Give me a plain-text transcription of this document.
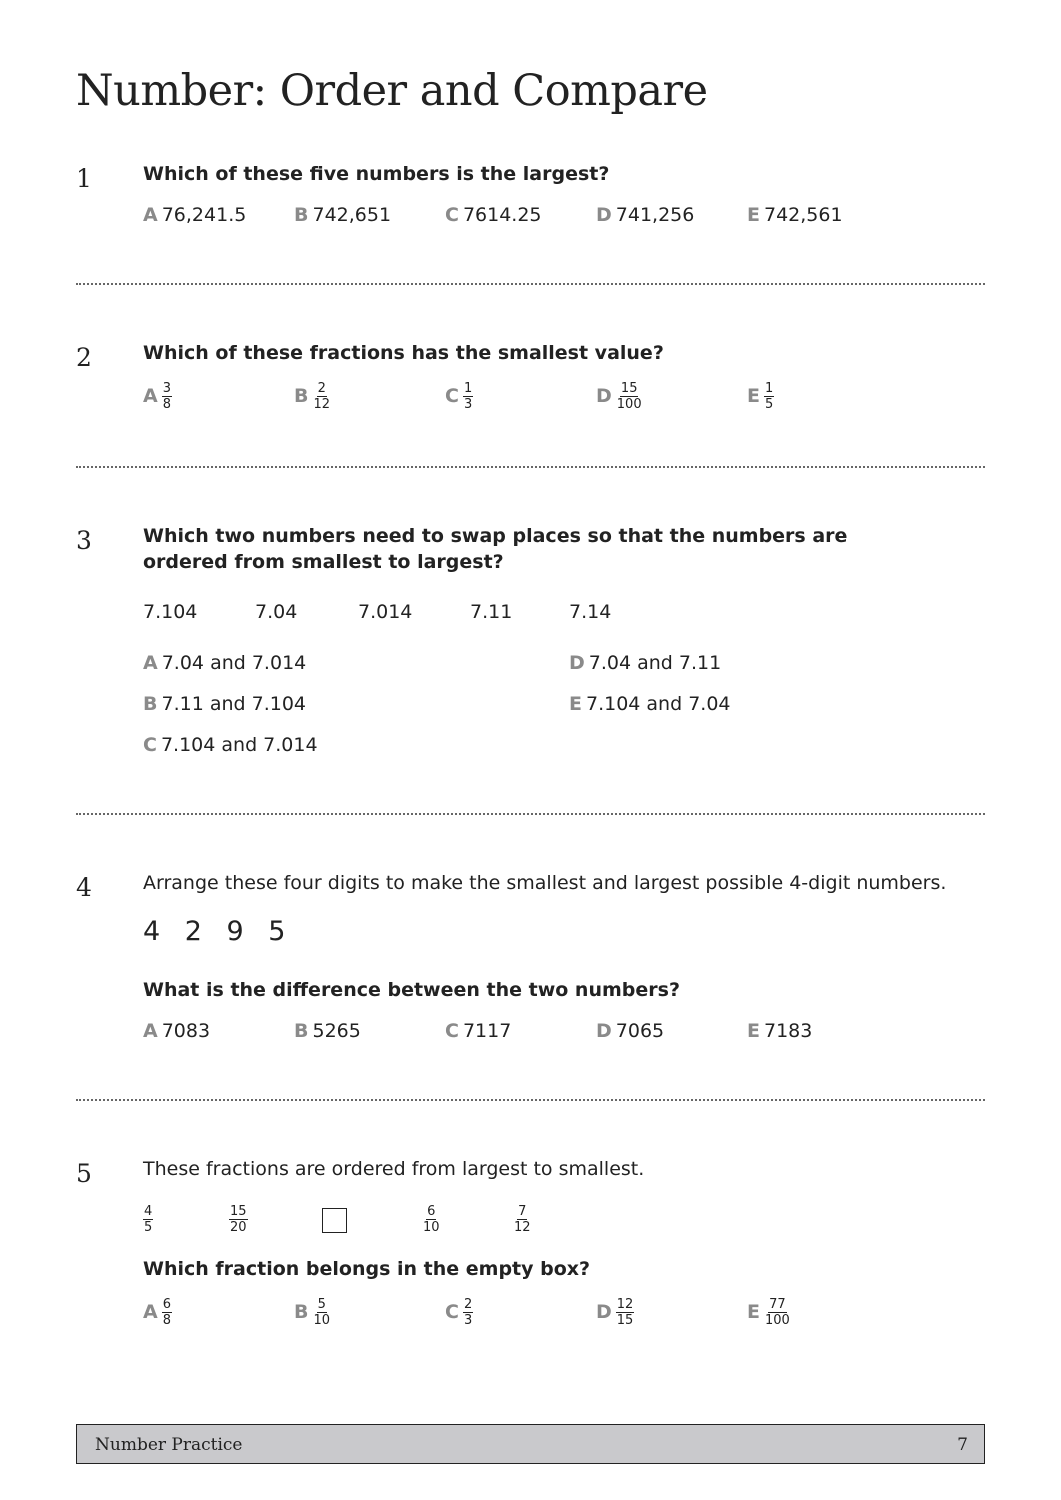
Number: Order and Compare
1	Which of these five numbers is the largest?
A 76,241.5	B 742,651	C 7614.25	D 741,256	E 742,561
2	Which of these fractions has the smallest value?
A $\frac{3}{8}$	B $\frac{2}{12}$	C $\frac{1}{3}$	D $\frac{15}{100}$	E $\frac{1}{5}$
3	Which two numbers need to swap places so that the numbers are ordered from smallest to largest?
7.104	7.04	7.014	7.11	7.14
A 7.04 and 7.014
B 7.11 and 7.104
C 7.104 and 7.014
D 7.04 and 7.11
E 7.104 and 7.04
4	Arrange these four digits to make the smallest and largest possible 4-digit numbers.
4 2 9 5
What is the difference between the two numbers?
A 7083	B 5265	C 7117	D 7065	E 7183
5	These fractions are ordered from largest to smallest.
$\frac{4}{5}$	$\frac{15}{20}$	$\frac{6}{10}$	$\frac{7}{12}$
Which fraction belongs in the empty box?
A $\frac{6}{8}$	B $\frac{5}{10}$	C $\frac{2}{3}$	D $\frac{12}{15}$	E $\frac{77}{100}$
Number Practice	7
